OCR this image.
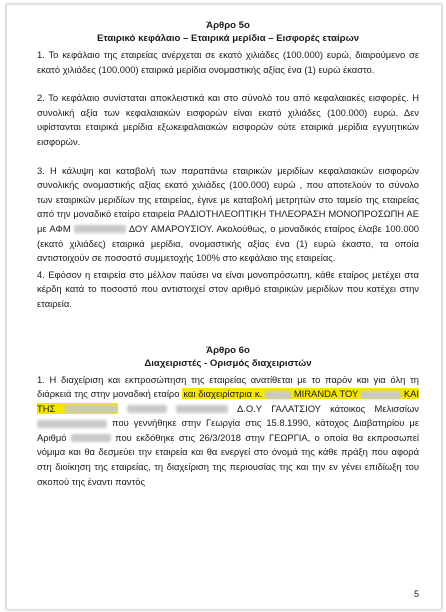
Άρθρο 5ο
Εταιρικό κεφάλαιο – Εταιρικά μερίδια – Εισφορές εταίρων

1. Το κεφάλαιο της εταιρείας ανέρχεται σε εκατό χιλιάδες (100.000) ευρώ, διαιρούμενο σε εκατό χιλιάδες (100.000) εταιρικά μερίδια ονομαστικής αξίας ένα (1) ευρώ έκαστο.

2. Το κεφάλαιο συνίσταται αποκλειστικά και στο σύνολό του από κεφαλαιακές εισφορές. Η συνολική αξία των κεφαλαιακών εισφορών είναι εκατό χιλιάδες (100.000) ευρώ. Δεν υφίστανται εταιρικά μερίδια εξωκεφαλαιακών εισφορών ούτε εταιρικά μερίδια εγγυητικών εισφορών.

3. Η κάλυψη και καταβολή των παραπάνω εταιρικών μεριδίων κεφαλαιακών εισφορών συνολικής ονομαστικής αξίας εκατό χιλιάδες (100.000) ευρώ , που αποτελούν το σύνολο των εταιρικών μεριδίων της εταιρείας, έγινε με καταβολή μετρητών στο ταμείο της εταιρείας από την μοναδικό εταίρο εταιρεία ΡΑΔΙΟΤΗΛΕΟΠΤΙΚΗ ΤΗΛΕΟΡΑΣΗ ΜΟΝΟΠΡΟΣΩΠΗ ΑΕ με ΑΦΜ	ΔΟΥ ΑΜΑΡΟΥΣΙΟΥ. Ακολούθως, ο μοναδικός εταίρος έλαβε 100.000 (εκατό χιλιάδες) εταιρικά μερίδια, ονομαστικής αξίας ένα (1) ευρώ έκαστο, τα οποία αντιστοιχούν σε ποσοστό συμμετοχής 100% στο κεφάλαιο της εταιρείας.

4. Εφόσον η εταιρεία στο μέλλον παύσει να είναι μονοπρόσωπη, κάθε εταίρος μετέχει στα κέρδη κατά το ποσοστό που αντιστοιχεί στον αριθμό εταιρικών μεριδίων που κατέχει στην εταιρεία.

Άρθρο 6ο
Διαχειριστές - Ορισμός διαχειριστών

1. Η διαχείριση και εκπροσώπηση της εταιρείας ανατίθεται με το παρόν και για όλη τη διάρκειά της στην μοναδική εταίρο και διαχειρίστρια κ.	MIRANDA ΤΟΥ	ΚΑΙ ΤΗΣ	Δ.Ο.Υ ΓΑΛΑΤΣΙΟΥ κάτοικος Μελισσίων  που γεννήθηκε στην Γεωργία στις 15.8.1990, κάτοχος Διαβατηρίου με Αριθμό	που εκδόθηκε στις 26/3/2018 στην ΓΕΩΡΓΙΑ, ο οποία θα εκπροσωπεί νόμιμα και θα δεσμεύει την εταιρεία και θα ενεργεί στο όνομά της κάθε πράξη που αφορά στη διοίκηση της εταιρείας, τη διαχείριση της περιουσίας της και την εν γένει επιδίωξη του σκοπού της έναντι παντός

5
